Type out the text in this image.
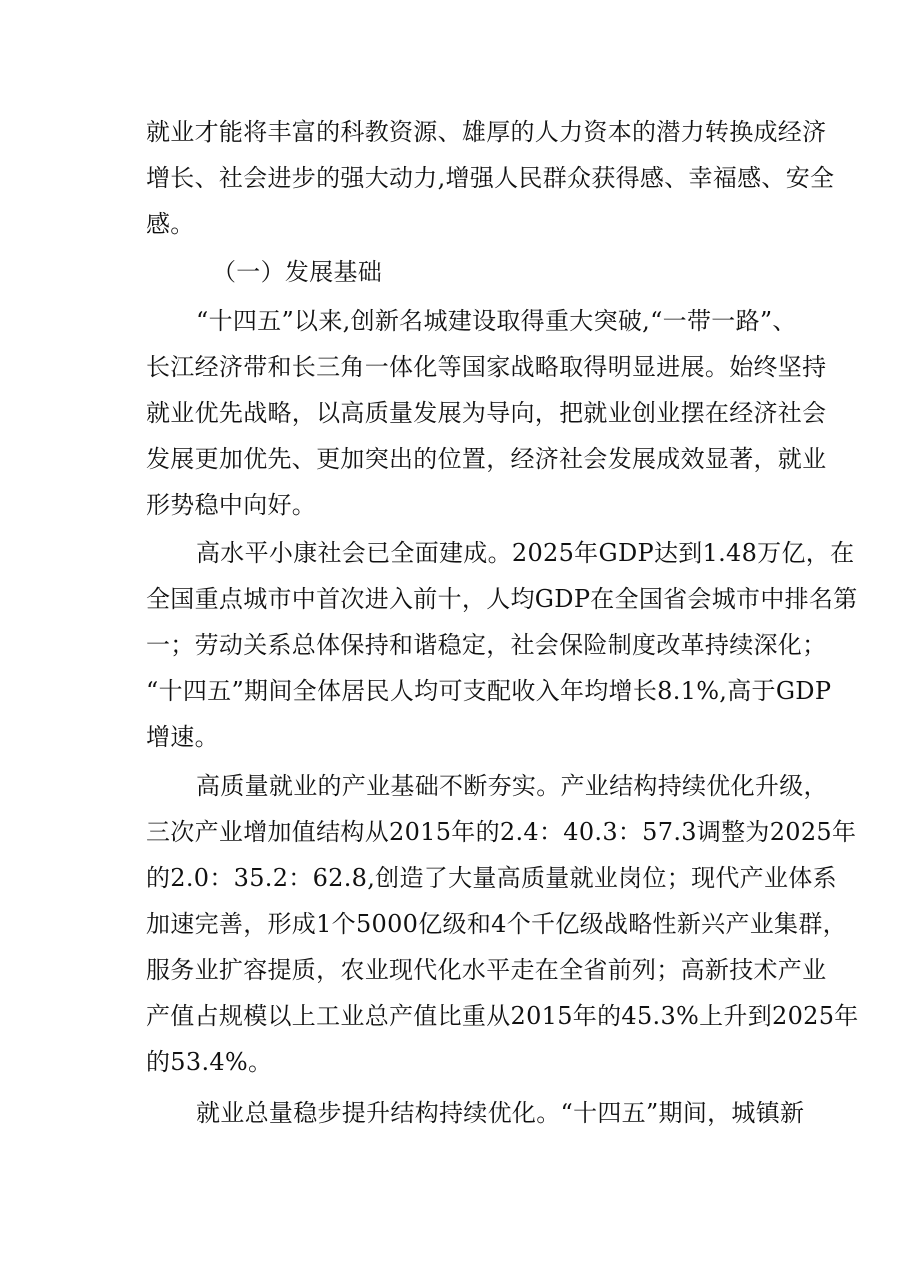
就业才能将丰富的科教资源、雄厚的人力资本的潜力转换成经济
增长、社会进步的强大动力,增强人民群众获得感、幸福感、安全
感。
（一）发展基础
“十四五”以来,创新名城建设取得重大突破,“一带一路”、
长江经济带和长三角一体化等国家战略取得明显进展。始终坚持
就业优先战略，以高质量发展为导向，把就业创业摆在经济社会
发展更加优先、更加突出的位置，经济社会发展成效显著，就业
形势稳中向好。
高水平小康社会已全面建成。2025年GDP达到1.48万亿，在
全国重点城市中首次进入前十，人均GDP在全国省会城市中排名第
一；劳动关系总体保持和谐稳定，社会保险制度改革持续深化；
“十四五”期间全体居民人均可支配收入年均增长8.1%,高于GDP
增速。
高质量就业的产业基础不断夯实。产业结构持续优化升级，
三次产业增加值结构从2015年的2.4：40.3：57.3调整为2025年
的2.0：35.2：62.8,创造了大量高质量就业岗位；现代产业体系
加速完善，形成1个5000亿级和4个千亿级战略性新兴产业集群，
服务业扩容提质，农业现代化水平走在全省前列；高新技术产业
产值占规模以上工业总产值比重从2015年的45.3%上升到2025年
的53.4%。
就业总量稳步提升结构持续优化。“十四五”期间，城镇新
